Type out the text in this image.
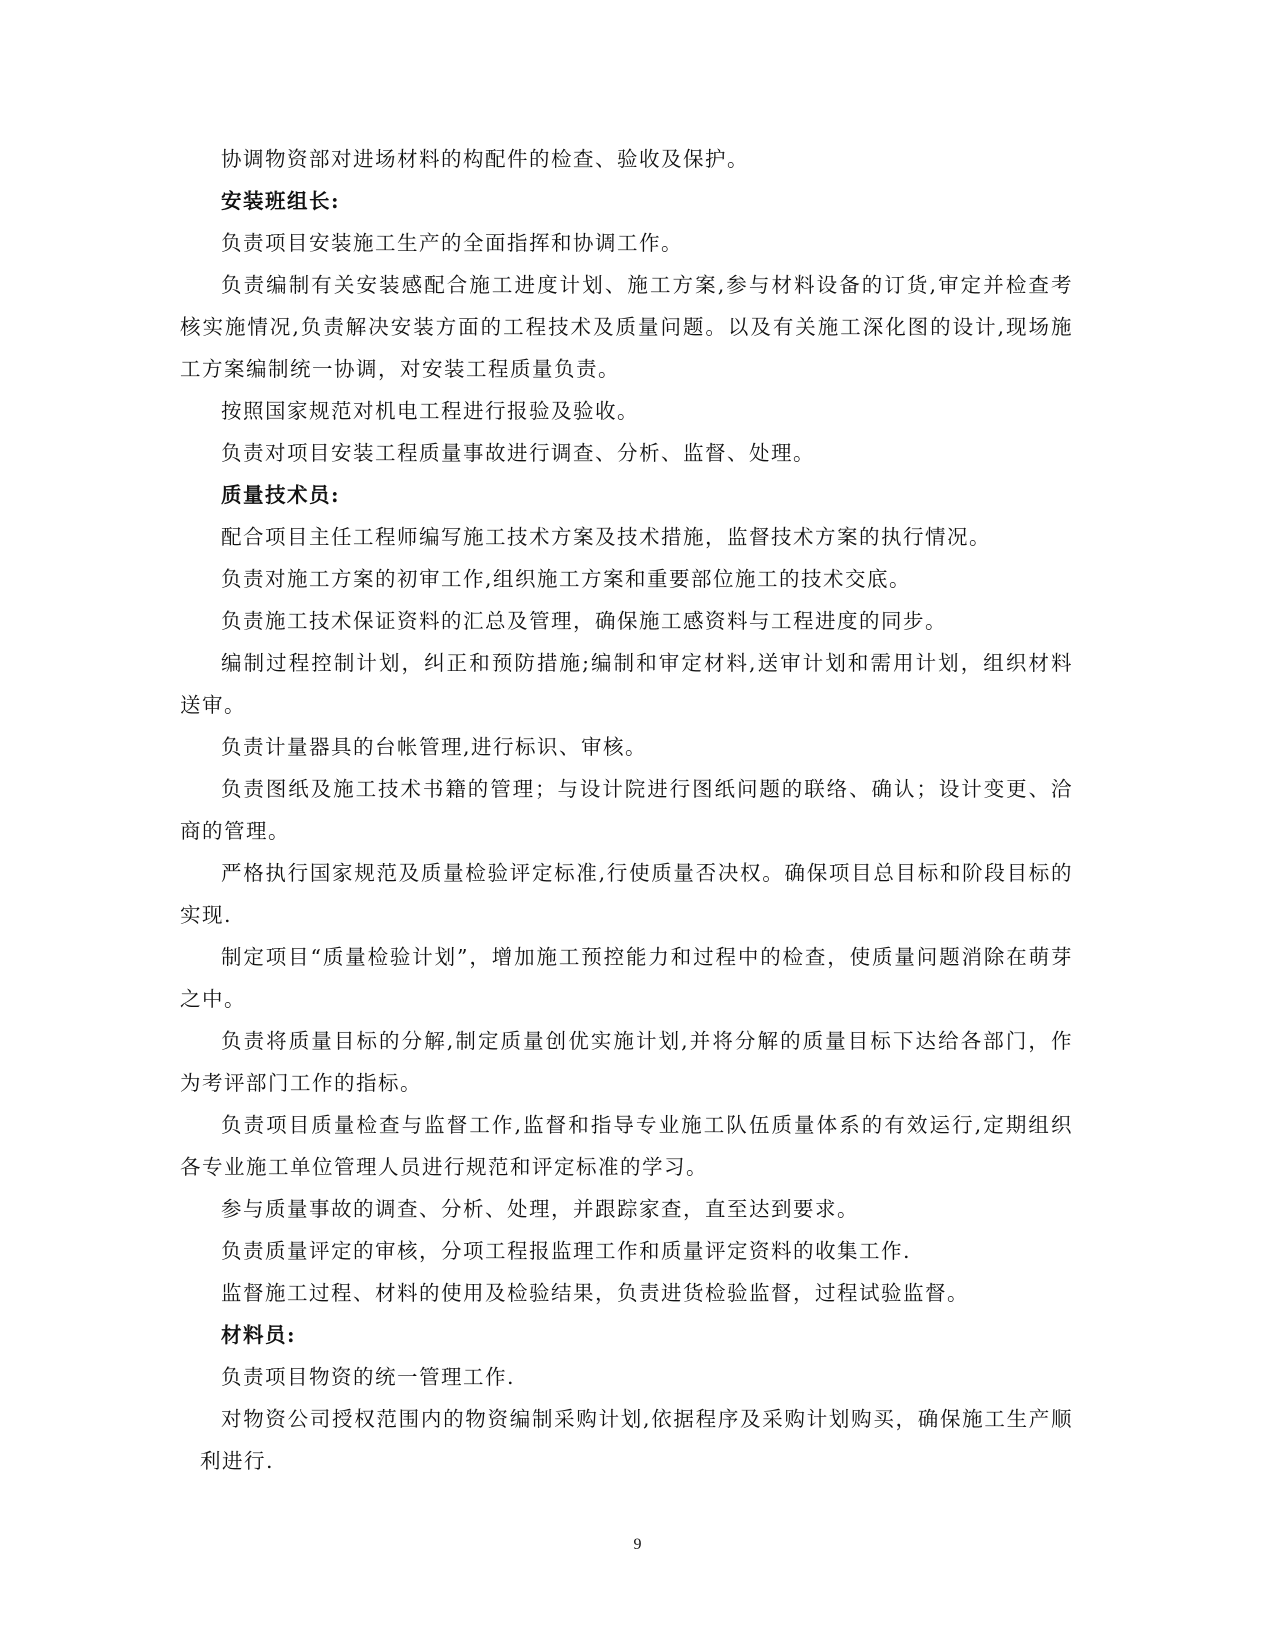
协调物资部对进场材料的构配件的检查、验收及保护。

安装班组长:

负责项目安装施工生产的全面指挥和协调工作。

负责编制有关安装感配合施工进度计划、施工方案,参与材料设备的订货,审定并检查考核实施情况,负责解决安装方面的工程技术及质量问题。以及有关施工深化图的设计,现场施工方案编制统一协调，对安装工程质量负责。

按照国家规范对机电工程进行报验及验收。

负责对项目安装工程质量事故进行调查、分析、监督、处理。

质量技术员:

配合项目主任工程师编写施工技术方案及技术措施，监督技术方案的执行情况。

负责对施工方案的初审工作,组织施工方案和重要部位施工的技术交底。

负责施工技术保证资料的汇总及管理，确保施工感资料与工程进度的同步。

编制过程控制计划，纠正和预防措施;编制和审定材料,送审计划和需用计划，组织材料送审。

负责计量器具的台帐管理,进行标识、审核。

负责图纸及施工技术书籍的管理；与设计院进行图纸问题的联络、确认；设计变更、洽商的管理。

严格执行国家规范及质量检验评定标准,行使质量否决权。确保项目总目标和阶段目标的实现.

制定项目“质量检验计划”，增加施工预控能力和过程中的检查，使质量问题消除在萌芽之中。

负责将质量目标的分解,制定质量创优实施计划,并将分解的质量目标下达给各部门，作为考评部门工作的指标。

负责项目质量检查与监督工作,监督和指导专业施工队伍质量体系的有效运行,定期组织各专业施工单位管理人员进行规范和评定标准的学习。

参与质量事故的调查、分析、处理，并跟踪家查，直至达到要求。

负责质量评定的审核，分项工程报监理工作和质量评定资料的收集工作.

监督施工过程、材料的使用及检验结果，负责进货检验监督，过程试验监督。

材料员:

负责项目物资的统一管理工作.

对物资公司授权范围内的物资编制采购计划,依据程序及采购计划购买，确保施工生产顺利进行.

9
